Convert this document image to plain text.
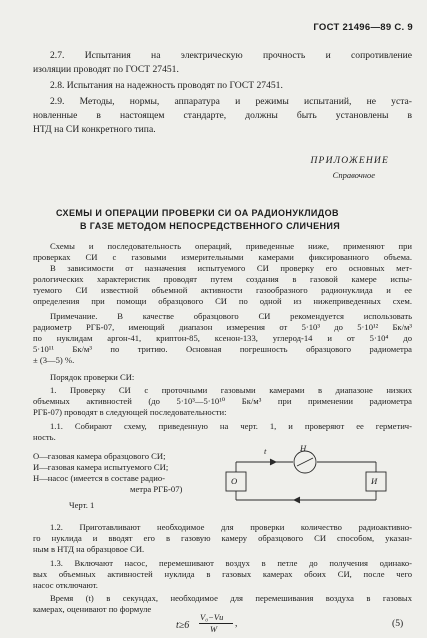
ГОСТ 21496—89 С. 9
2.7. Испытания на электрическую прочность и сопротивление
изоляции проводят по ГОСТ 27451.
2.8. Испытания на надежность проводят по ГОСТ 27451.
2.9. Методы, нормы, аппаратура и режимы испытаний, не уста-
новленные в настоящем стандарте, должны быть установлены в
НТД на СИ конкретного типа.
ПРИЛОЖЕНИЕ
Справочное
СХЕМЫ И ОПЕРАЦИИ ПРОВЕРКИ СИ ОА РАДИОНУКЛИДОВ
В ГАЗЕ МЕТОДОМ НЕПОСРЕДСТВЕННОГО СЛИЧЕНИЯ
Схемы и последовательность операций, приведенные ниже, применяют при
проверках СИ с газовыми измерительными камерами фиксированного объема.
В зависимости от назначения испытуемого СИ проверку его основных мет-
рологических характеристик проводят путем создания в газовой камере испы-
туемого СИ известной объемной активности газообразного радионуклида и ее
определения при помощи образцового СИ по одной из нижеприведенных схем.
Примечание. В качестве образцового СИ рекомендуется использовать
радиометр РГБ-07, имеющий диапазон измерения от 5·10³ до 5·10¹² Бк/м³
по нуклидам аргон-41, криптон-85, ксенон-133, углерод-14 и от 5·10⁴ до
5·10¹¹ Бк/м³ по тритию. Основная погрешность образцового радиометра
± (3—5) %.
Порядок проверки СИ:
1. Проверку СИ с проточными газовыми камерами в диапазоне низких
объемных активностей (до 5·10³—5·10¹⁰ Бк/м³ при применении радиометра
РГБ-07) проводят в следующей последовательности:
1.1. Собирают схему, приведенную на черт. 1, и проверяют ее герметич-
ность.
О—газовая камера образцового СИ;
И—газовая камера испытуемого СИ;
Н—насос (имеется в составе радио-
метра РГБ-07)
О	И
Н
t
Черт. 1
1.2. Приготавливают необходимое для проверки количество радиоактивно-
го нуклида и вводят его в газовую камеру образцового СИ способом, указан-
ным в НТД на образцовое СИ.
1.3. Включают насос, перемешивают воздух в петле до получения одинако-
вых объемных активностей нуклида в газовых камерах обоих СИ, после чего
насос отключают.
Время (t) в секундах, необходимое для перемешивания воздуха в газовых
камерах, оценивают по формуле
t≥6
V₀−Vи
W ,	(5)
